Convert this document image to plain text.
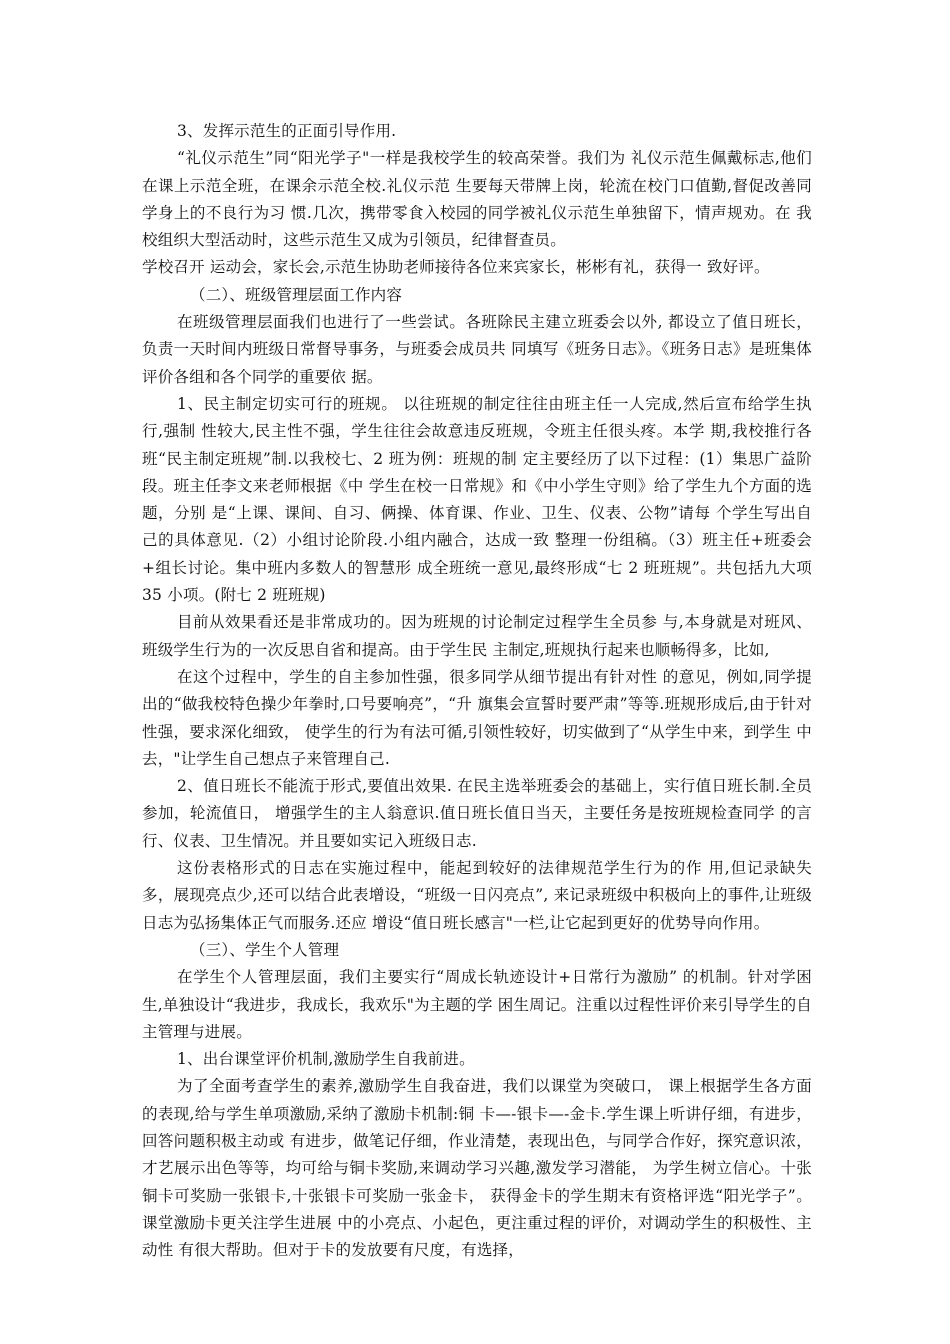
3、发挥示范生的正面引导作用.

“礼仪示范生”同“阳光学子"一样是我校学生的较高荣誉。我们为 礼仪示范生佩戴标志,他们在课上示范全班，在课余示范全校.礼仪示范 生要每天带牌上岗，轮流在校门口值勤,督促改善同学身上的不良行为习 惯.几次，携带零食入校园的同学被礼仪示范生单独留下，情声规劝。在 我校组织大型活动时，这些示范生又成为引领员，纪律督查员。

学校召开 运动会，家长会,示范生协助老师接待各位来宾家长，彬彬有礼，获得一 致好评。

（二）、班级管理层面工作内容

在班级管理层面我们也进行了一些尝试。各班除民主建立班委会以外, 都设立了值日班长，负责一天时间内班级日常督导事务，与班委会成员共 同填写《班务日志》。《班务日志》是班集体评价各组和各个同学的重要依 据。

1、民主制定切实可行的班规。 以往班规的制定往往由班主任一人完成,然后宣布给学生执行,强制 性较大,民主性不强，学生往往会故意违反班规，令班主任很头疼。本学 期,我校推行各班“民主制定班规”制.以我校七、2 班为例：班规的制 定主要经历了以下过程：(1）集思广益阶段。班主任李文来老师根据《中 学生在校一日常规》和《中小学生守则》给了学生九个方面的选题，分别 是“上课、课间、自习、俩操、体育课、作业、卫生、仪表、公物”请每 个学生写出自己的具体意见.（2）小组讨论阶段.小组内融合，达成一致 整理一份组稿。（3）班主任+班委会+组长讨论。集中班内多数人的智慧形 成全班统一意见,最终形成“七 2 班班规”。共包括九大项 35 小项。(附七 2 班班规)

目前从效果看还是非常成功的。因为班规的讨论制定过程学生全员参 与,本身就是对班风、班级学生行为的一次反思自省和提高。由于学生民 主制定,班规执行起来也顺畅得多，比如,

在这个过程中，学生的自主参加性强，很多同学从细节提出有针对性 的意见，例如,同学提出的“做我校特色操少年拳时,口号要响亮”，“升 旗集会宣誓时要严肃”等等.班规形成后,由于针对性强，要求深化细致， 使学生的行为有法可循,引领性较好，切实做到了“从学生中来，到学生 中去，"让学生自己想点子来管理自己.

2、值日班长不能流于形式,要值出效果. 在民主选举班委会的基础上，实行值日班长制.全员参加，轮流值日， 增强学生的主人翁意识.值日班长值日当天，主要任务是按班规检查同学 的言行、仪表、卫生情况。并且要如实记入班级日志.

这份表格形式的日志在实施过程中，能起到较好的法律规范学生行为的作 用,但记录缺失多，展现亮点少,还可以结合此表增设，“班级一日闪亮点”, 来记录班级中积极向上的事件,让班级日志为弘扬集体正气而服务.还应 增设“值日班长感言"一栏,让它起到更好的优势导向作用。

（三）、学生个人管理

在学生个人管理层面，我们主要实行“周成长轨迹设计+日常行为激励” 的机制。针对学困生,单独设计“我进步，我成长，我欢乐"为主题的学 困生周记。注重以过程性评价来引导学生的自主管理与进展。

1、出台课堂评价机制,激励学生自我前进。

为了全面考查学生的素养,激励学生自我奋进，我们以课堂为突破口， 课上根据学生各方面的表现,给与学生单项激励,采纳了激励卡机制:铜 卡—-银卡—-金卡.学生课上听讲仔细，有进步，回答问题积极主动或 有进步，做笔记仔细，作业清楚，表现出色，与同学合作好，探究意识浓， 才艺展示出色等等，均可给与铜卡奖励,来调动学习兴趣,激发学习潜能， 为学生树立信心。十张铜卡可奖励一张银卡,十张银卡可奖励一张金卡， 获得金卡的学生期末有资格评选“阳光学子”。课堂激励卡更关注学生进展 中的小亮点、小起色，更注重过程的评价，对调动学生的积极性、主动性 有很大帮助。但对于卡的发放要有尺度，有选择，
